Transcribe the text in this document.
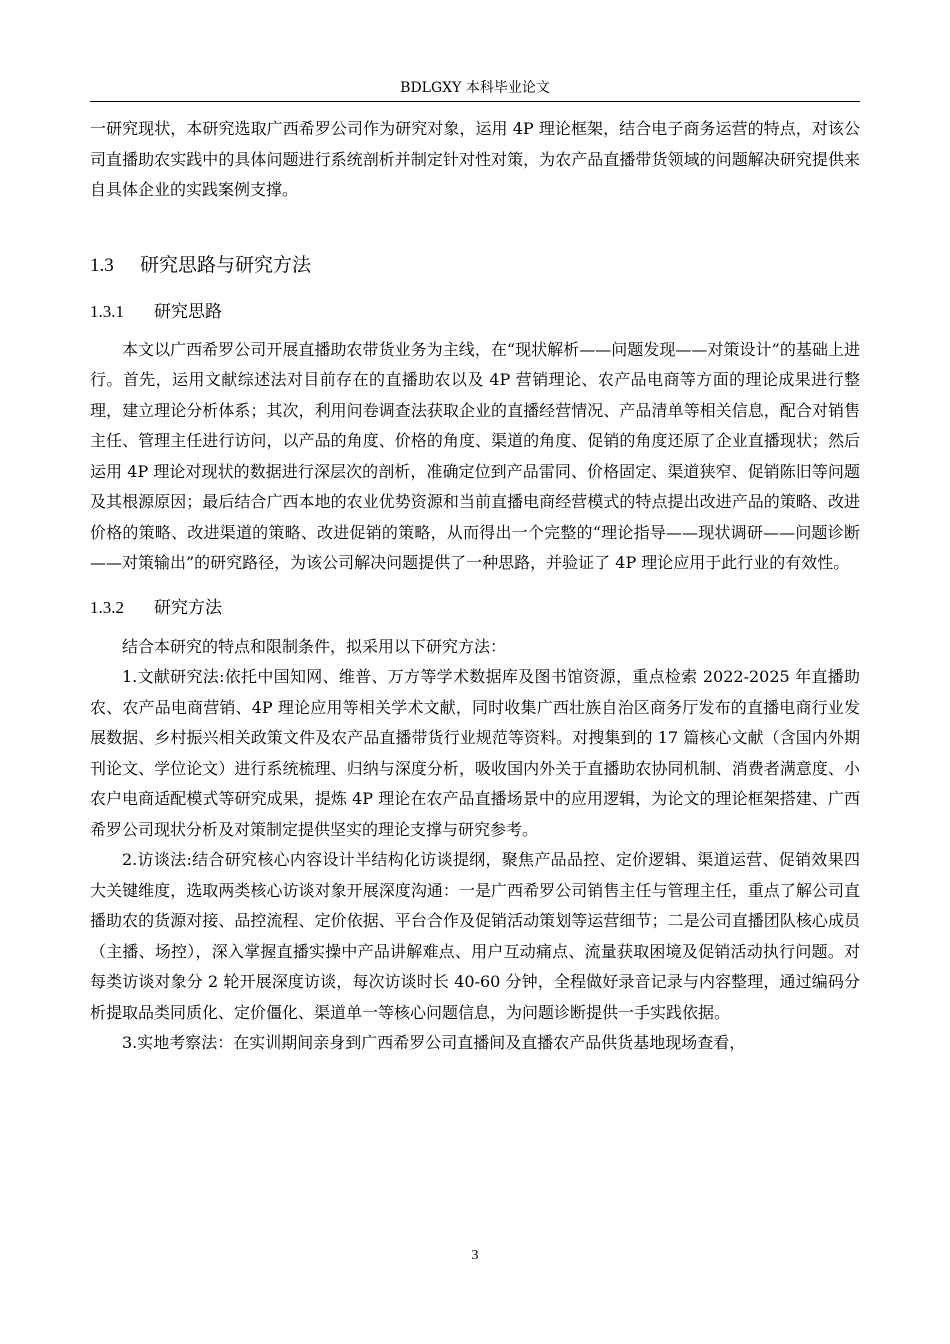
BDLGXY 本科毕业论文

一研究现状，本研究选取广西希罗公司作为研究对象，运用 4P 理论框架，结合电子商务运营的特点，对该公司直播助农实践中的具体问题进行系统剖析并制定针对性对策，为农产品直播带货领域的问题解决研究提供来自具体企业的实践案例支撑。

1.3	研究思路与研究方法
1.3.1	研究思路

本文以广西希罗公司开展直播助农带货业务为主线，在“现状解析——问题发现——对策设计”的基础上进行。首先，运用文献综述法对目前存在的直播助农以及 4P 营销理论、农产品电商等方面的理论成果进行整理，建立理论分析体系；其次，利用问卷调查法获取企业的直播经营情况、产品清单等相关信息，配合对销售主任、管理主任进行访问，以产品的角度、价格的角度、渠道的角度、促销的角度还原了企业直播现状；然后运用 4P 理论对现状的数据进行深层次的剖析，准确定位到产品雷同、价格固定、渠道狭窄、促销陈旧等问题及其根源原因；最后结合广西本地的农业优势资源和当前直播电商经营模式的特点提出改进产品的策略、改进价格的策略、改进渠道的策略、改进促销的策略，从而得出一个完整的“理论指导——现状调研——问题诊断——对策输出”的研究路径，为该公司解决问题提供了一种思路，并验证了 4P 理论应用于此行业的有效性。

1.3.2	研究方法

结合本研究的特点和限制条件，拟采用以下研究方法：

1.文献研究法:依托中国知网、维普、万方等学术数据库及图书馆资源，重点检索 2022-2025 年直播助农、农产品电商营销、4P 理论应用等相关学术文献，同时收集广西壮族自治区商务厅发布的直播电商行业发展数据、乡村振兴相关政策文件及农产品直播带货行业规范等资料。对搜集到的 17 篇核心文献（含国内外期刊论文、学位论文）进行系统梳理、归纳与深度分析，吸收国内外关于直播助农协同机制、消费者满意度、小农户电商适配模式等研究成果，提炼 4P 理论在农产品直播场景中的应用逻辑，为论文的理论框架搭建、广西希罗公司现状分析及对策制定提供坚实的理论支撑与研究参考。

2.访谈法:结合研究核心内容设计半结构化访谈提纲，聚焦产品品控、定价逻辑、渠道运营、促销效果四大关键维度，选取两类核心访谈对象开展深度沟通：一是广西希罗公司销售主任与管理主任，重点了解公司直播助农的货源对接、品控流程、定价依据、平台合作及促销活动策划等运营细节；二是公司直播团队核心成员（主播、场控），深入掌握直播实操中产品讲解难点、用户互动痛点、流量获取困境及促销活动执行问题。对每类访谈对象分 2 轮开展深度访谈，每次访谈时长 40-60 分钟，全程做好录音记录与内容整理，通过编码分析提取品类同质化、定价僵化、渠道单一等核心问题信息，为问题诊断提供一手实践依据。

3.实地考察法：在实训期间亲身到广西希罗公司直播间及直播农产品供货基地现场查看，

3
